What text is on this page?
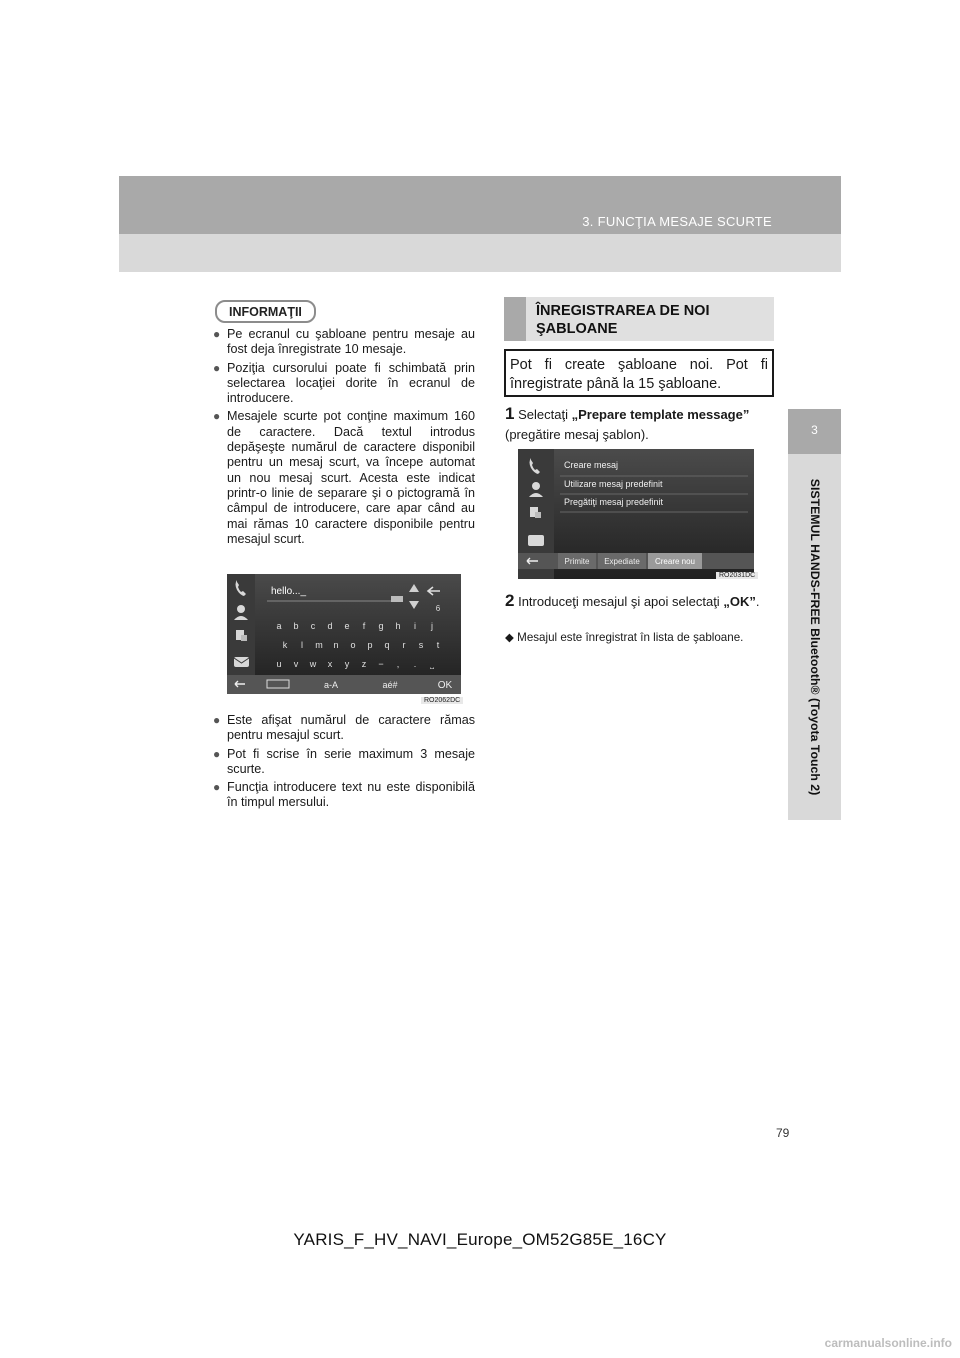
3. FUNCŢIA MESAJE SCURTE
3
SISTEMUL HANDS-FREE Bluetooth® (Toyota Touch 2)
INFORMAŢII
● Pe ecranul cu şabloane pentru mesaje au fost deja înregistrate 10 mesaje.
● Poziţia cursorului poate fi schimbată prin selectarea locaţiei dorite în ecranul de introducere.
● Mesajele scurte pot conţine maximum 160 de caractere. Dacă textul introdus depăşeşte numărul de caractere disponibil pentru un mesaj scurt, va începe automat un nou mesaj scurt. Acesta este indicat printr-o linie de separare şi o pictogramă în câmpul de introducere, care apar când au mai rămas 10 caractere disponibile pentru mesajul scurt.
hello..._
6
a b c d e f g h i j
k l m n o p q r s t
u v w x y z − , . ⎵
a-A	aé#	OK
RO2062DC
● Este afişat numărul de caractere rămas pentru mesajul scurt.
● Pot fi scrise în serie maximum 3 mesaje scurte.
● Funcţia introducere text nu este disponibilă în timpul mersului.
ÎNREGISTRAREA DE NOI
ŞABLOANE
Pot fi create şabloane noi. Pot fi înregistrate până la 15 şabloane.
1 Selectaţi „Prepare template message” (pregătire mesaj şablon).
Creare mesaj
Utilizare mesaj predefinit
Pregătiţi mesaj predefinit
Primite Expediate Creare nou
RO2031DC
2 Introduceţi mesajul şi apoi selectaţi „OK”.
◆ Mesajul este înregistrat în lista de şabloane.
79
YARIS_F_HV_NAVI_Europe_OM52G85E_16CY
carmanualsonline.info
